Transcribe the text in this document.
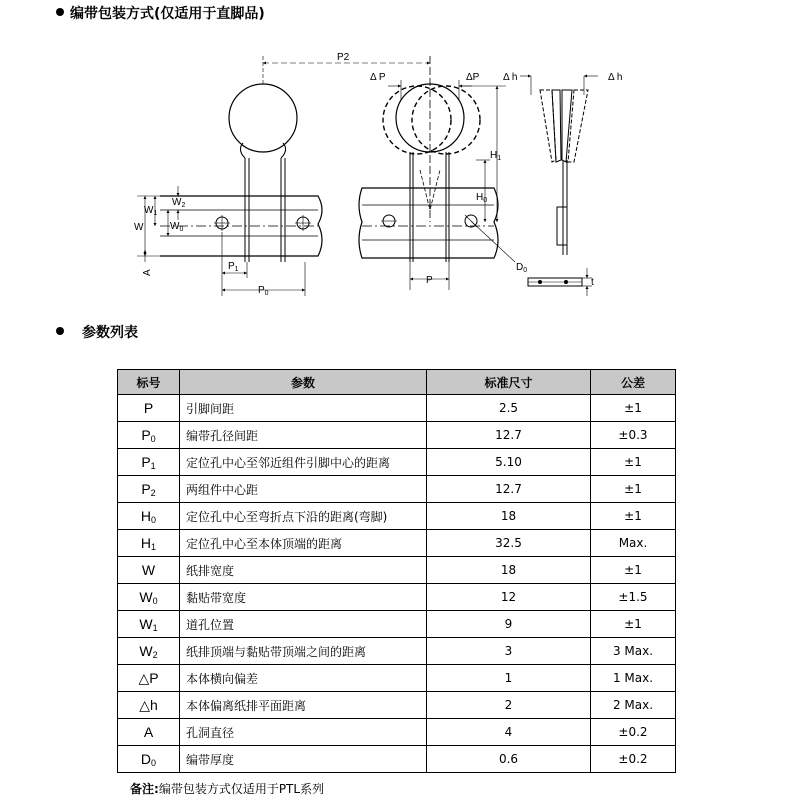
编带包装方式(仅适用于直脚品)
参数列表
P2
Δ P	ΔP Δ h	Δ h
$H_1$
$H_0$
$W_1$
$W_2$
W	$W_0$
A
$P_1$
$P_0$
P
$D_0$
t
标号	参数	标准尺寸	公差
P	引脚间距	2.5	±1
$P_0$	编带孔径间距	12.7	±0.3
$P_1$	定位孔中心至邻近组件引脚中心的距离	5.10	±1
$P_2$	两组件中心距	12.7	±1
$H_0$	定位孔中心至弯折点下沿的距离(弯脚)	18	±1
$H_1$	定位孔中心至本体顶端的距离	32.5	Max.
W	纸排宽度	18	±1
$W_0$	黏贴带宽度	12	±1.5
$W_1$	道孔位置	9	±1
$W_2$	纸排顶端与黏贴带顶端之间的距离	3	3 Max.
△P	本体横向偏差	1	1 Max.
△h	本体偏离纸排平面距离	2	2 Max.
A	孔洞直径	4	±0.2
$D_0$	编带厚度	0.6	±0.2
备注:编带包装方式仅适用于PTL系列
